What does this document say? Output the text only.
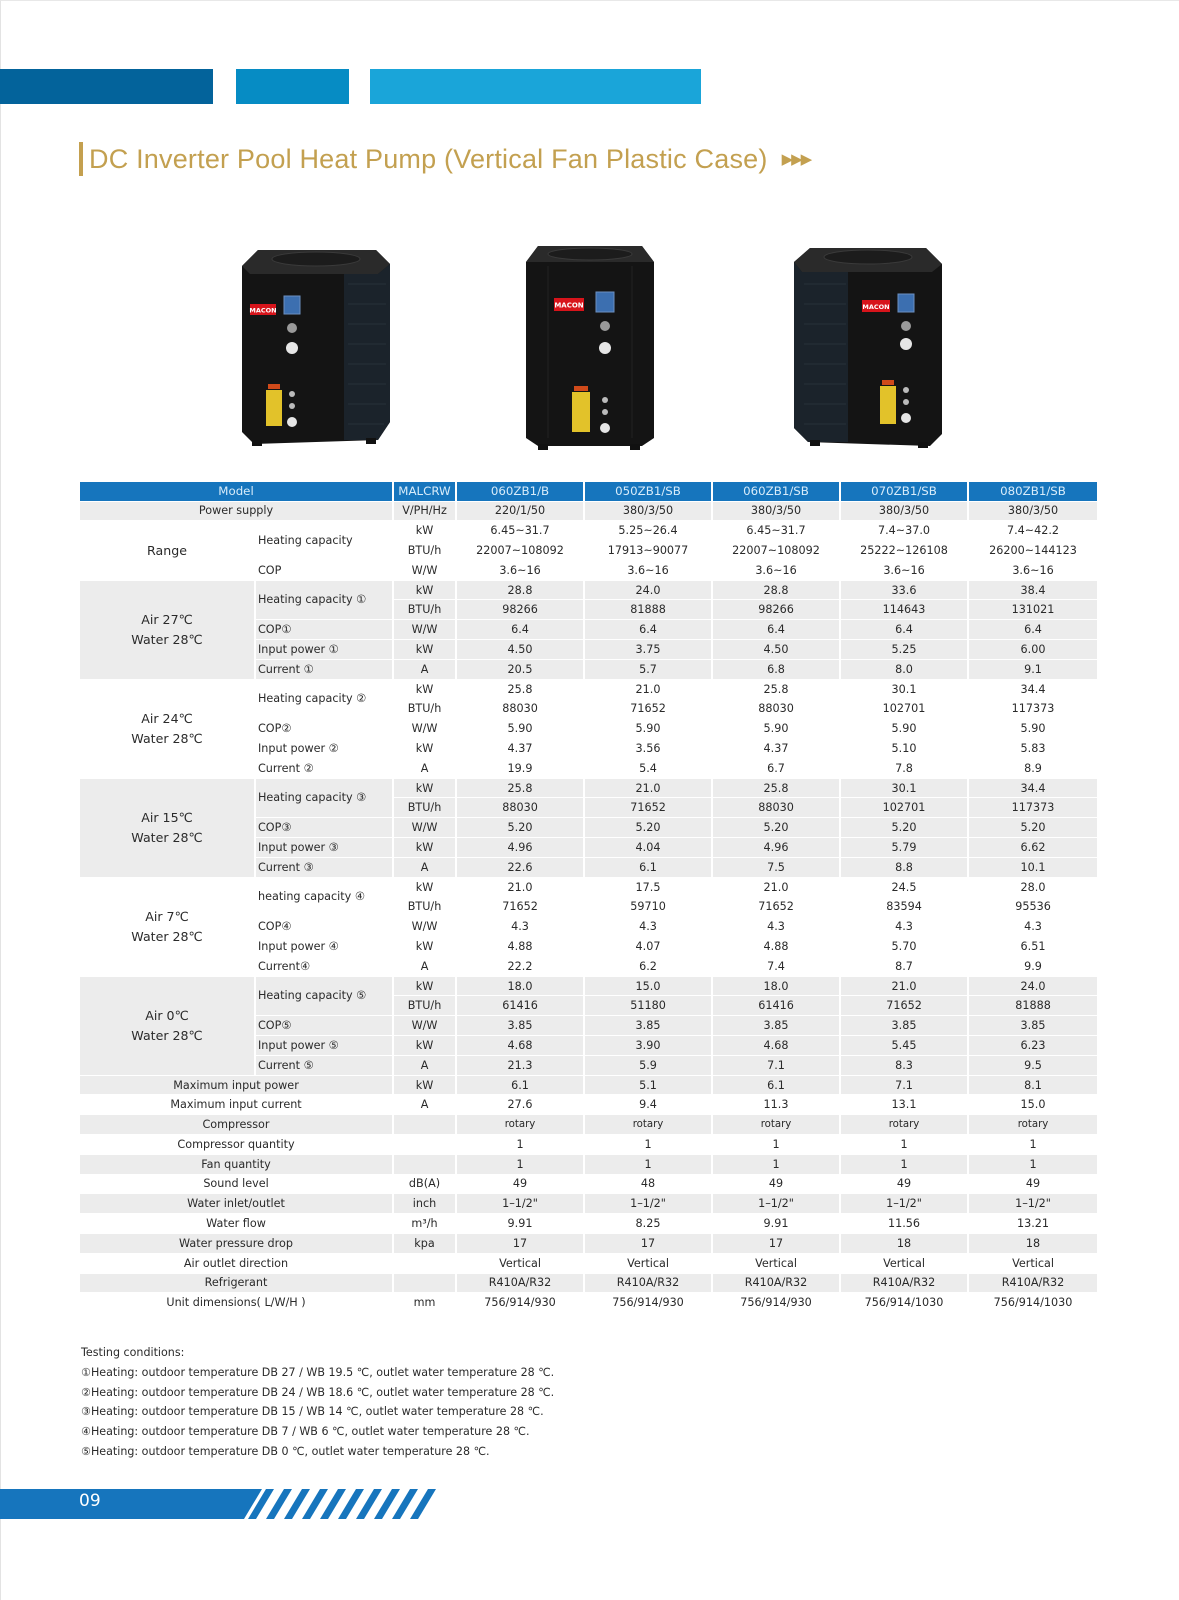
DC Inverter Pool Heat Pump (Vertical Fan Plastic Case) ▶▶▶
MACON
MACON	MACON
Model		MALCRW	060ZB1/B	050ZB1/SB	060ZB1/SB	070ZB1/SB	080ZB1/SB
Power supply		V/PH/Hz	220/1/50	380/3/50	380/3/50	380/3/50	380/3/50
Range	Heating capacity	kW	6.45~31.7	5.25~26.4	6.45~31.7	7.4~37.0	7.4~42.2
		BTU/h	22007~108092	17913~90077	22007~108092	25222~126108	26200~144123
	COP	W/W	3.6~16	3.6~16	3.6~16	3.6~16	3.6~16

Air 27℃
Water 28℃	Heating capacity ①	kW	28.8	24.0	28.8	33.6	38.4
		BTU/h	98266	81888	98266	114643	131021
	COP①	W/W	6.4	6.4	6.4	6.4	6.4
	Input power ①	kW	4.50	3.75	4.50	5.25	6.00
	Current ①	A	20.5	5.7	6.8	8.0	9.1

Air 24℃
Water 28℃	Heating capacity ②	kW	25.8	21.0	25.8	30.1	34.4
		BTU/h	88030	71652	88030	102701	117373
	COP②	W/W	5.90	5.90	5.90	5.90	5.90
	Input power ②	kW	4.37	3.56	4.37	5.10	5.83
	Current ②	A	19.9	5.4	6.7	7.8	8.9

Air 15℃
Water 28℃	Heating capacity ③	kW	25.8	21.0	25.8	30.1	34.4
		BTU/h	88030	71652	88030	102701	117373
	COP③	W/W	5.20	5.20	5.20	5.20	5.20
	Input power ③	kW	4.96	4.04	4.96	5.79	6.62
	Current ③	A	22.6	6.1	7.5	8.8	10.1

Air 7℃
Water 28℃	heating capacity ④	kW	21.0	17.5	21.0	24.5	28.0
		BTU/h	71652	59710	71652	83594	95536
	COP④	W/W	4.3	4.3	4.3	4.3	4.3
	Input power ④	kW	4.88	4.07	4.88	5.70	6.51
	Current④	A	22.2	6.2	7.4	8.7	9.9

Air 0℃
Water 28℃	Heating capacity ⑤	kW	18.0	15.0	18.0	21.0	24.0
		BTU/h	61416	51180	61416	71652	81888
	COP⑤	W/W	3.85	3.85	3.85	3.85	3.85
	Input power ⑤	kW	4.68	3.90	4.68	5.45	6.23
	Current ⑤	A	21.3	5.9	7.1	8.3	9.5
Maximum input power		kW	6.1	5.1	6.1	7.1	8.1
Maximum input current		A	27.6	9.4	11.3	13.1	15.0
Compressor			rotary	rotary	rotary	rotary	rotary
Compressor quantity			1	1	1	1	1
Fan quantity			1	1	1	1	1
Sound level		dB(A)	49	48	49	49	49
Water inlet/outlet		inch	1–1/2"	1–1/2"	1–1/2"	1–1/2"	1–1/2"
Water flow		m³/h	9.91	8.25	9.91	11.56	13.21
Water pressure drop		kpa	17	17	17	18	18
Air outlet direction			Vertical	Vertical	Vertical	Vertical	Vertical
Refrigerant			R410A/R32	R410A/R32	R410A/R32	R410A/R32	R410A/R32
Unit dimensions( L/W/H )		mm	756/914/930	756/914/930	756/914/930	756/914/1030	756/914/1030
Testing conditions:
①Heating: outdoor temperature DB 27 / WB 19.5 ℃, outlet water temperature 28 ℃.
②Heating: outdoor temperature DB 24 / WB 18.6 ℃, outlet water temperature 28 ℃.
③Heating: outdoor temperature DB 15 / WB 14 ℃, outlet water temperature 28 ℃.
④Heating: outdoor temperature DB 7 / WB 6 ℃, outlet water temperature 28 ℃.
⑤Heating: outdoor temperature DB 0 ℃, outlet water temperature 28 ℃.
09
